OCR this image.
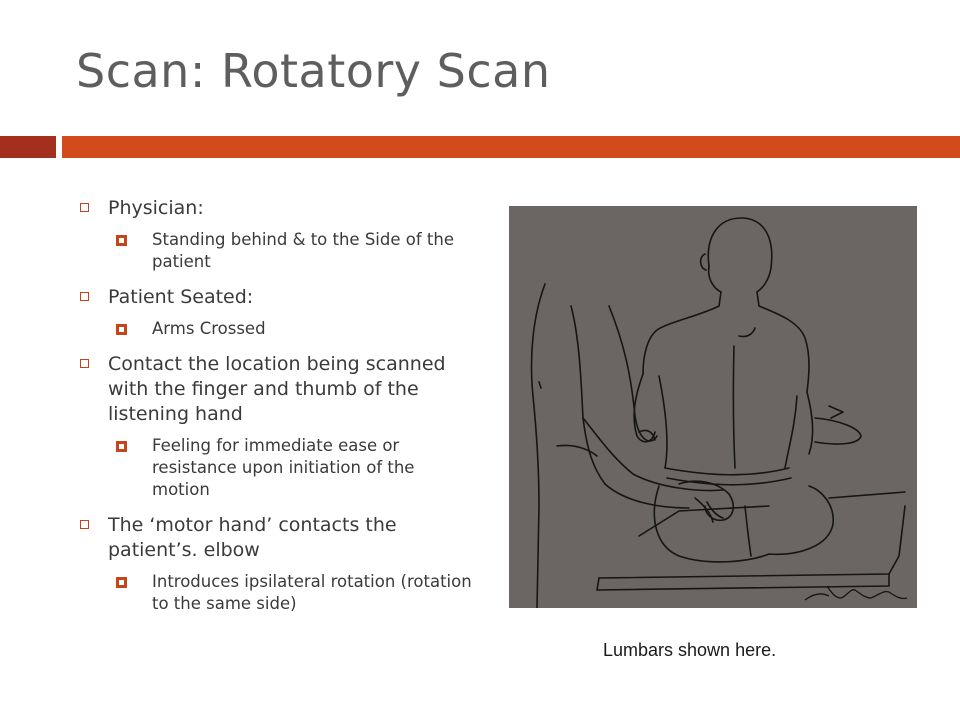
Scan: Rotatory Scan
Physician:
Standing behind & to the Side of the patient
Patient Seated:
Arms Crossed
Contact the location being scanned with the finger and thumb of the listening hand
Feeling for immediate ease or resistance upon initiation of the motion
The ‘motor hand’ contacts the patient’s. elbow
Introduces ipsilateral rotation (rotation to the same side)
Lumbars shown here.
